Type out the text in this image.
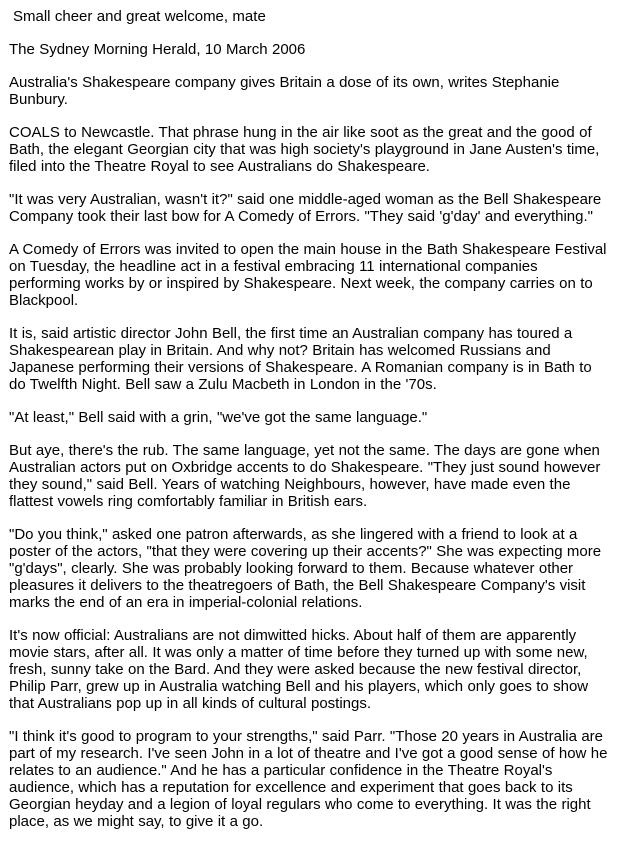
Small cheer and great welcome, mate

The Sydney Morning Herald, 10 March 2006

Australia's Shakespeare company gives Britain a dose of its own, writes Stephanie Bunbury.

COALS to Newcastle. That phrase hung in the air like soot as the great and the good of Bath, the elegant Georgian city that was high society's playground in Jane Austen's time, filed into the Theatre Royal to see Australians do Shakespeare.

"It was very Australian, wasn't it?" said one middle-aged woman as the Bell Shakespeare Company took their last bow for A Comedy of Errors. "They said 'g'day' and everything."

A Comedy of Errors was invited to open the main house in the Bath Shakespeare Festival on Tuesday, the headline act in a festival embracing 11 international companies performing works by or inspired by Shakespeare. Next week, the company carries on to Blackpool.

It is, said artistic director John Bell, the first time an Australian company has toured a Shakespearean play in Britain. And why not? Britain has welcomed Russians and Japanese performing their versions of Shakespeare. A Romanian company is in Bath to do Twelfth Night. Bell saw a Zulu Macbeth in London in the '70s.

"At least," Bell said with a grin, "we've got the same language."

But aye, there's the rub. The same language, yet not the same. The days are gone when Australian actors put on Oxbridge accents to do Shakespeare. "They just sound however they sound," said Bell. Years of watching Neighbours, however, have made even the flattest vowels ring comfortably familiar in British ears.

"Do you think," asked one patron afterwards, as she lingered with a friend to look at a poster of the actors, "that they were covering up their accents?" She was expecting more "g'days", clearly. She was probably looking forward to them. Because whatever other pleasures it delivers to the theatregoers of Bath, the Bell Shakespeare Company's visit marks the end of an era in imperial-colonial relations.

It's now official: Australians are not dimwitted hicks. About half of them are apparently movie stars, after all. It was only a matter of time before they turned up with some new, fresh, sunny take on the Bard. And they were asked because the new festival director, Philip Parr, grew up in Australia watching Bell and his players, which only goes to show that Australians pop up in all kinds of cultural postings.

"I think it's good to program to your strengths," said Parr. "Those 20 years in Australia are part of my research. I've seen John in a lot of theatre and I've got a good sense of how he relates to an audience." And he has a particular confidence in the Theatre Royal's audience, which has a reputation for excellence and experiment that goes back to its Georgian heyday and a legion of loyal regulars who come to everything. It was the right place, as we might say, to give it a go.
